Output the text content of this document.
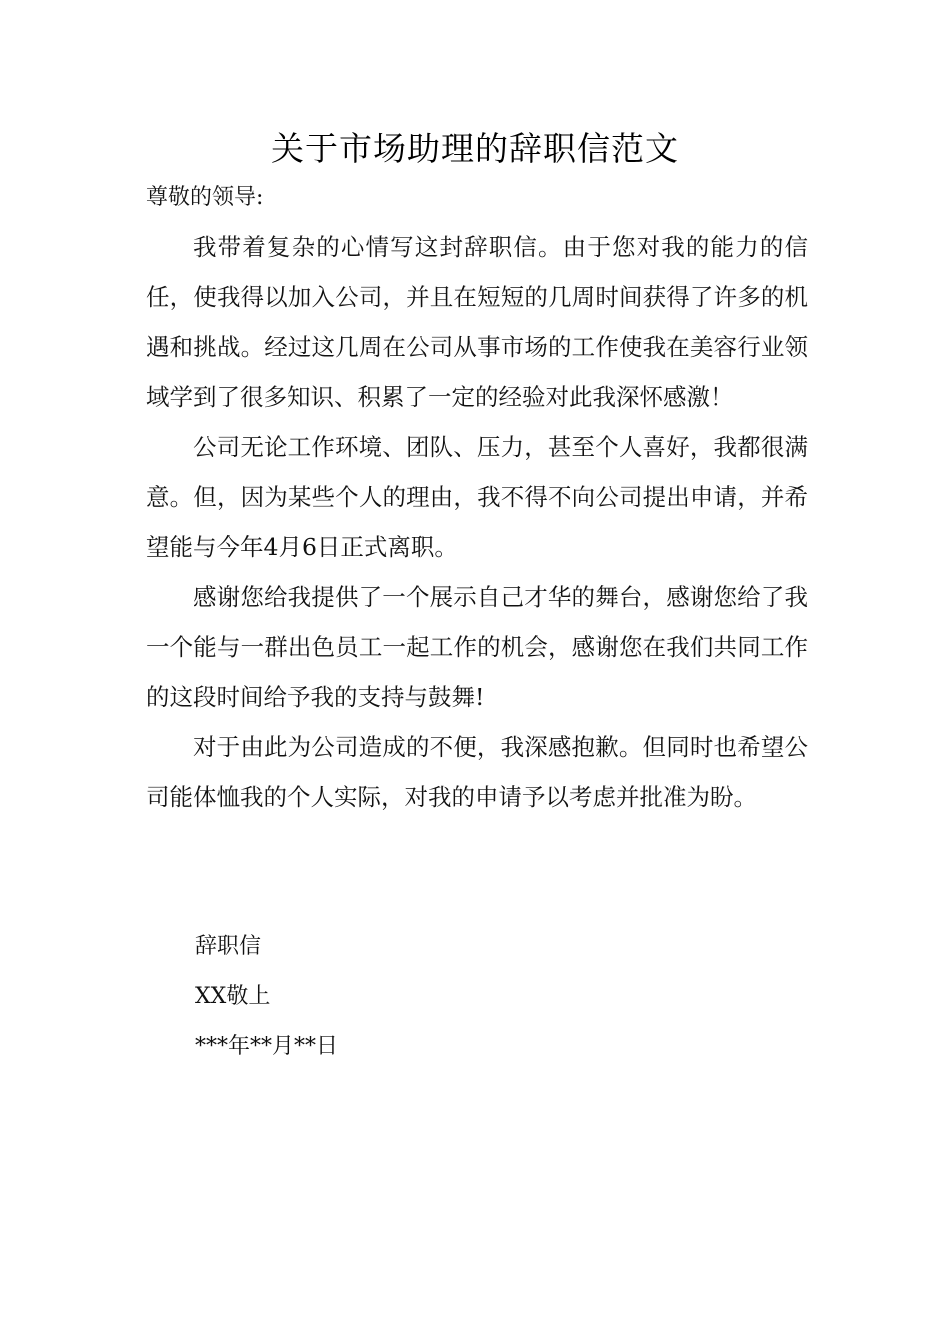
关于市场助理的辞职信范文
尊敬的领导:

我带着复杂的心情写这封辞职信。由于您对我的能力的信任，使我得以加入公司，并且在短短的几周时间获得了许多的机遇和挑战。经过这几周在公司从事市场的工作使我在美容行业领域学到了很多知识、积累了一定的经验对此我深怀感激！

公司无论工作环境、团队、压力，甚至个人喜好，我都很满意。但，因为某些个人的理由，我不得不向公司提出申请，并希望能与今年4月6日正式离职。

感谢您给我提供了一个展示自己才华的舞台，感谢您给了我一个能与一群出色员工一起工作的机会，感谢您在我们共同工作的这段时间给予我的支持与鼓舞!

对于由此为公司造成的不便，我深感抱歉。但同时也希望公司能体恤我的个人实际，对我的申请予以考虑并批准为盼。

辞职信
XX敬上
***年**月**日
